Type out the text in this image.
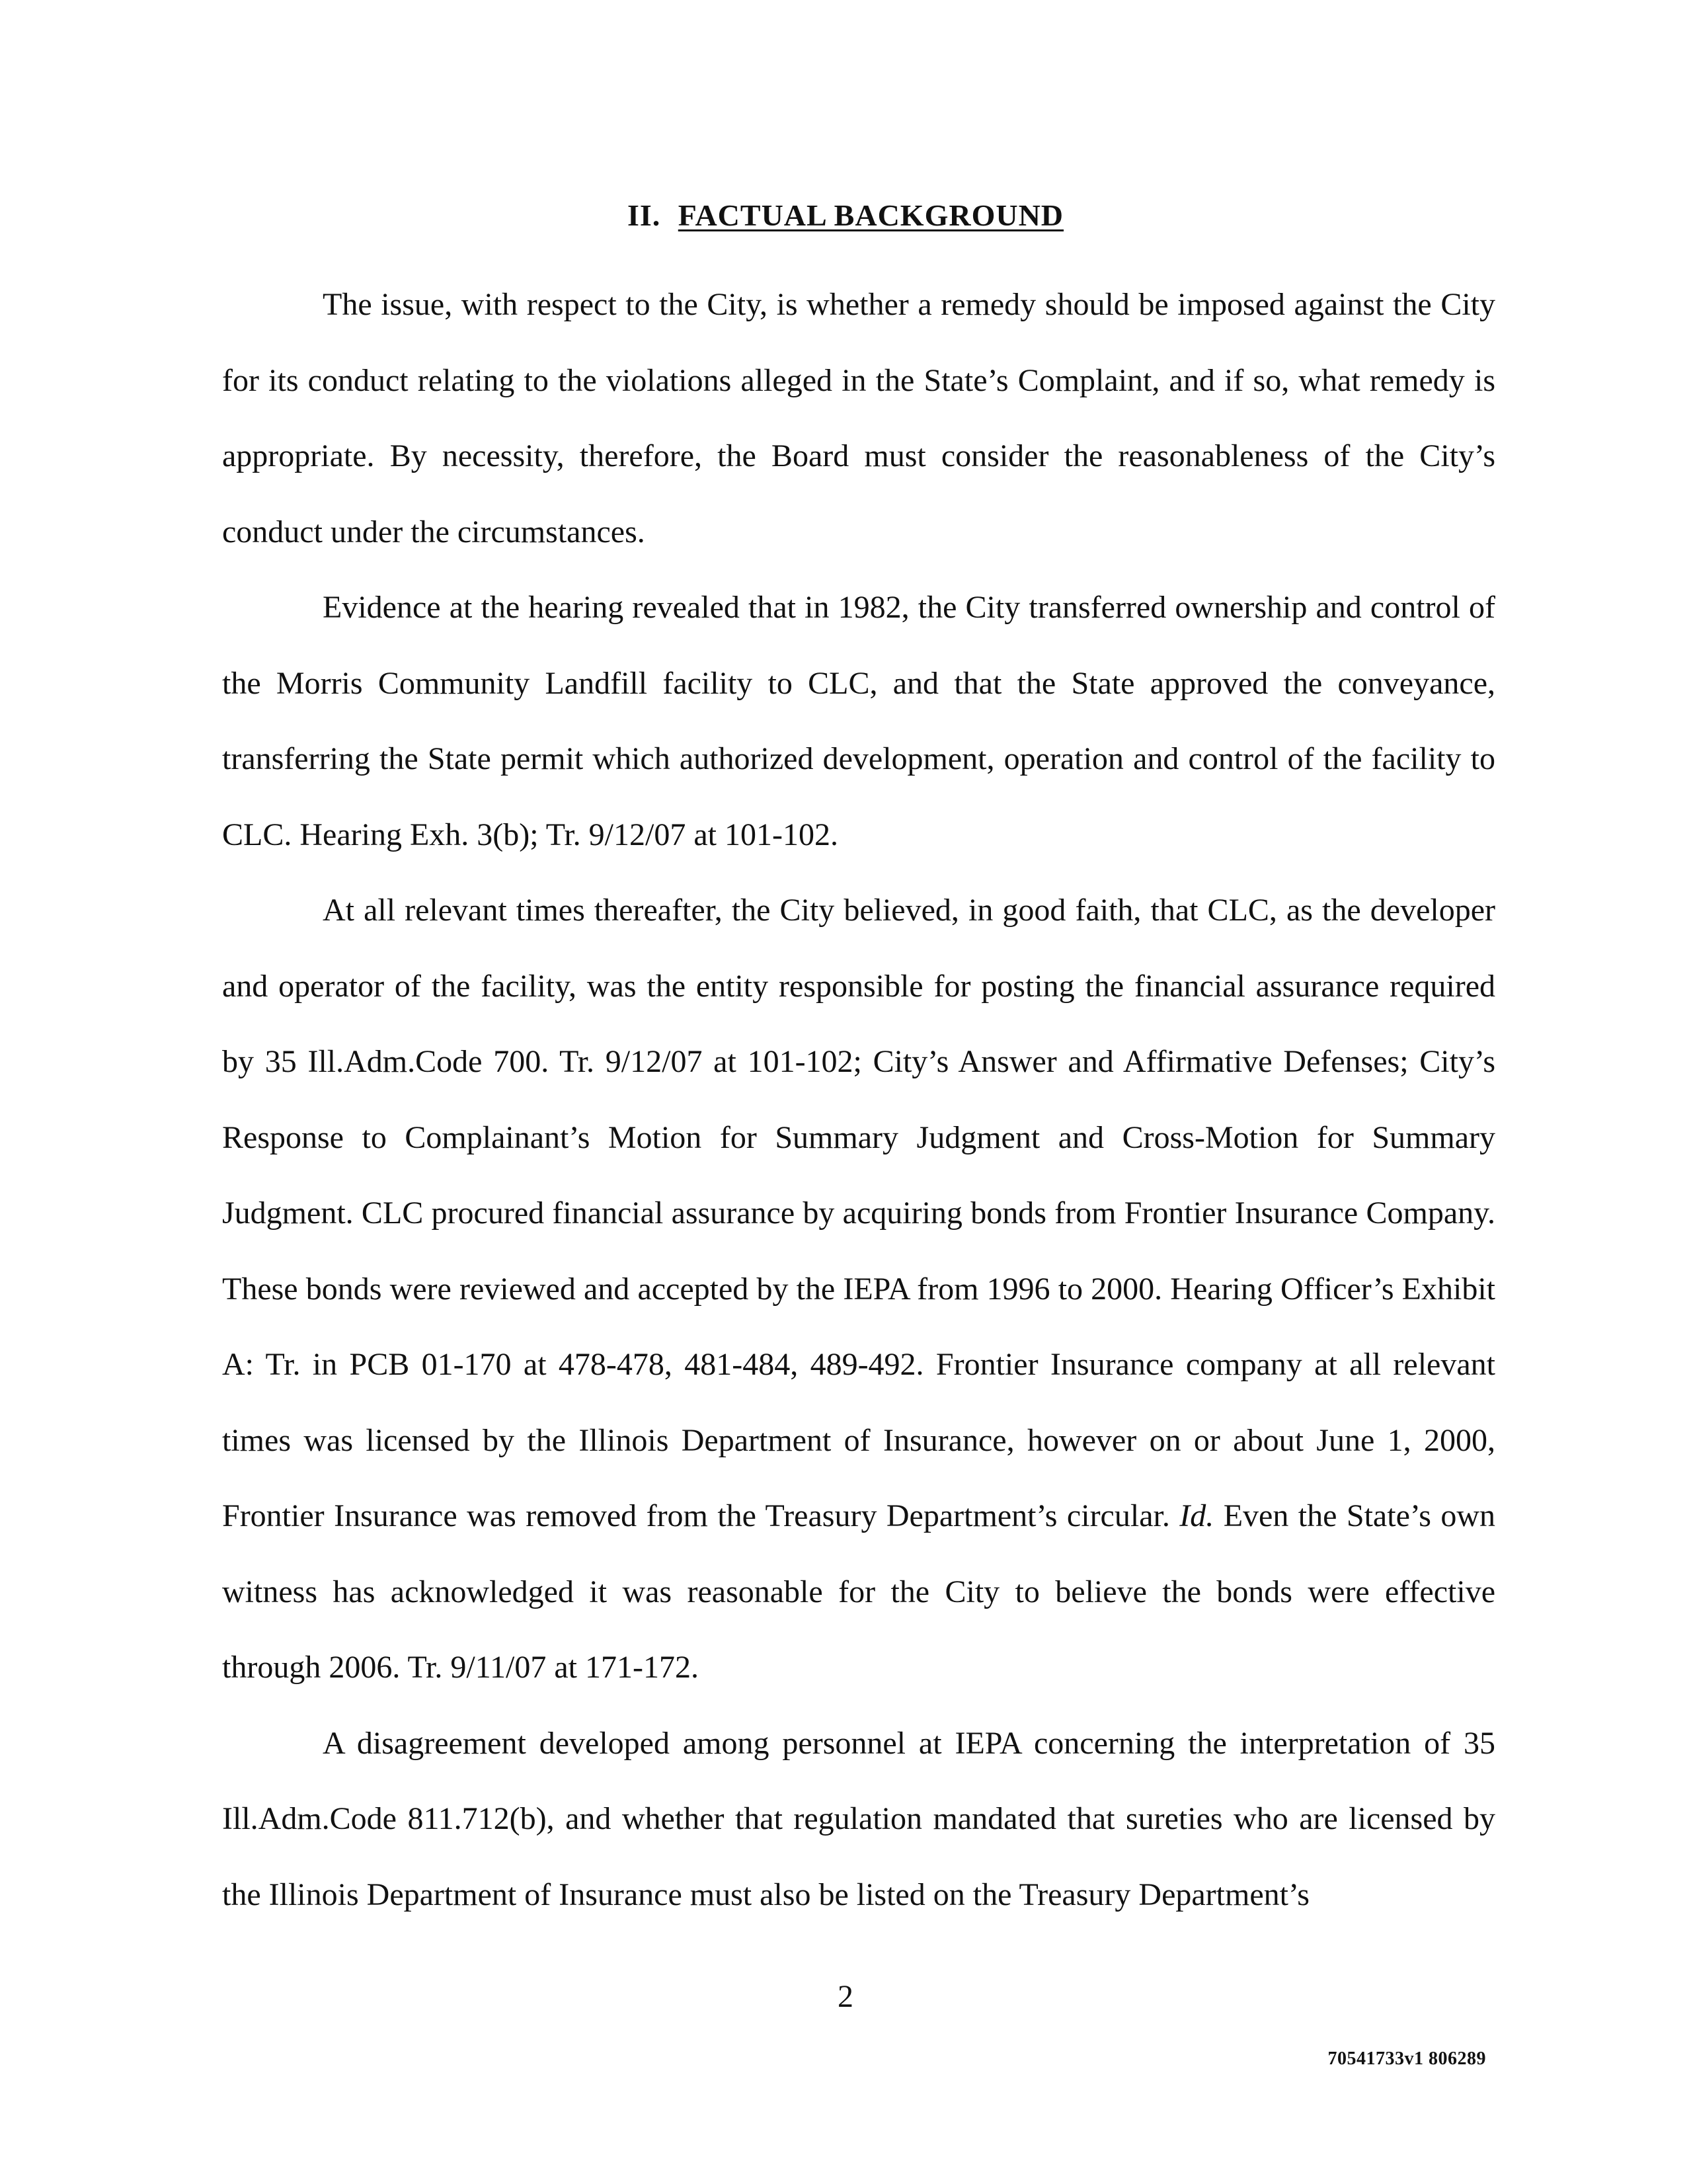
II. FACTUAL BACKGROUND

The issue, with respect to the City, is whether a remedy should be imposed against the City for its conduct relating to the violations alleged in the State’s Complaint, and if so, what remedy is appropriate. By necessity, therefore, the Board must consider the reasonableness of the City’s conduct under the circumstances.

Evidence at the hearing revealed that in 1982, the City transferred ownership and control of the Morris Community Landfill facility to CLC, and that the State approved the conveyance, transferring the State permit which authorized development, operation and control of the facility to CLC. Hearing Exh. 3(b); Tr. 9/12/07 at 101-102.

At all relevant times thereafter, the City believed, in good faith, that CLC, as the developer and operator of the facility, was the entity responsible for posting the financial assurance required by 35 Ill.Adm.Code 700. Tr. 9/12/07 at 101-102; City’s Answer and Affirmative Defenses; City’s Response to Complainant’s Motion for Summary Judgment and Cross-Motion for Summary Judgment. CLC procured financial assurance by acquiring bonds from Frontier Insurance Company. These bonds were reviewed and accepted by the IEPA from 1996 to 2000. Hearing Officer’s Exhibit A: Tr. in PCB 01-170 at 478-478, 481-484, 489-492. Frontier Insurance company at all relevant times was licensed by the Illinois Department of Insurance, however on or about June 1, 2000, Frontier Insurance was removed from the Treasury Department’s circular. Id. Even the State’s own witness has acknowledged it was reasonable for the City to believe the bonds were effective through 2006. Tr. 9/11/07 at 171-172.

A disagreement developed among personnel at IEPA concerning the interpretation of 35 Ill.Adm.Code 811.712(b), and whether that regulation mandated that sureties who are licensed by the Illinois Department of Insurance must also be listed on the Treasury Department’s

2
70541733v1 806289
